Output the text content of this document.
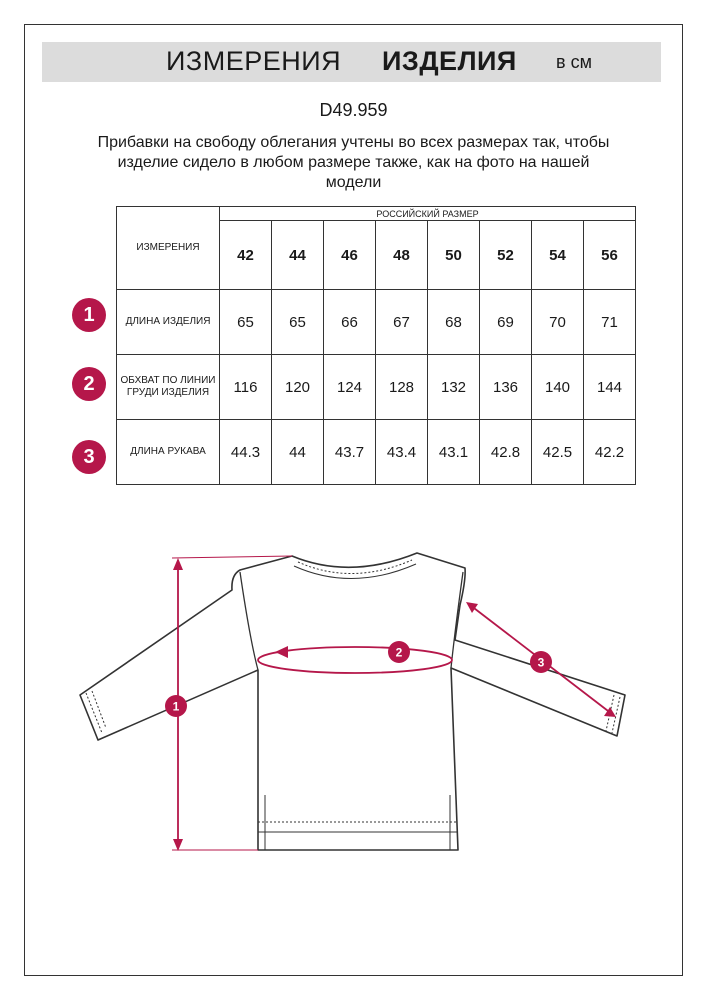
ИЗМЕРЕНИЯ ИЗДЕЛИЯ в см
D49.959
Прибавки на свободу облегания учтены во всех размерах так, чтобы изделие сидело в любом размере также, как на фото на нашей модели
1
2
3
ИЗМЕРЕНИЯ	РОССИЙСКИЙ РАЗМЕР							
	42	44	46	48	50	52	54	56
ДЛИНА ИЗДЕЛИЯ	65	65	66	67	68	69	70	71
ОБХВАТ ПО ЛИНИИ ГРУДИ ИЗДЕЛИЯ	116	120	124	128	132	136	140	144
ДЛИНА РУКАВА	44.3	44	43.7	43.4	43.1	42.8	42.5	42.2
1
2
3
